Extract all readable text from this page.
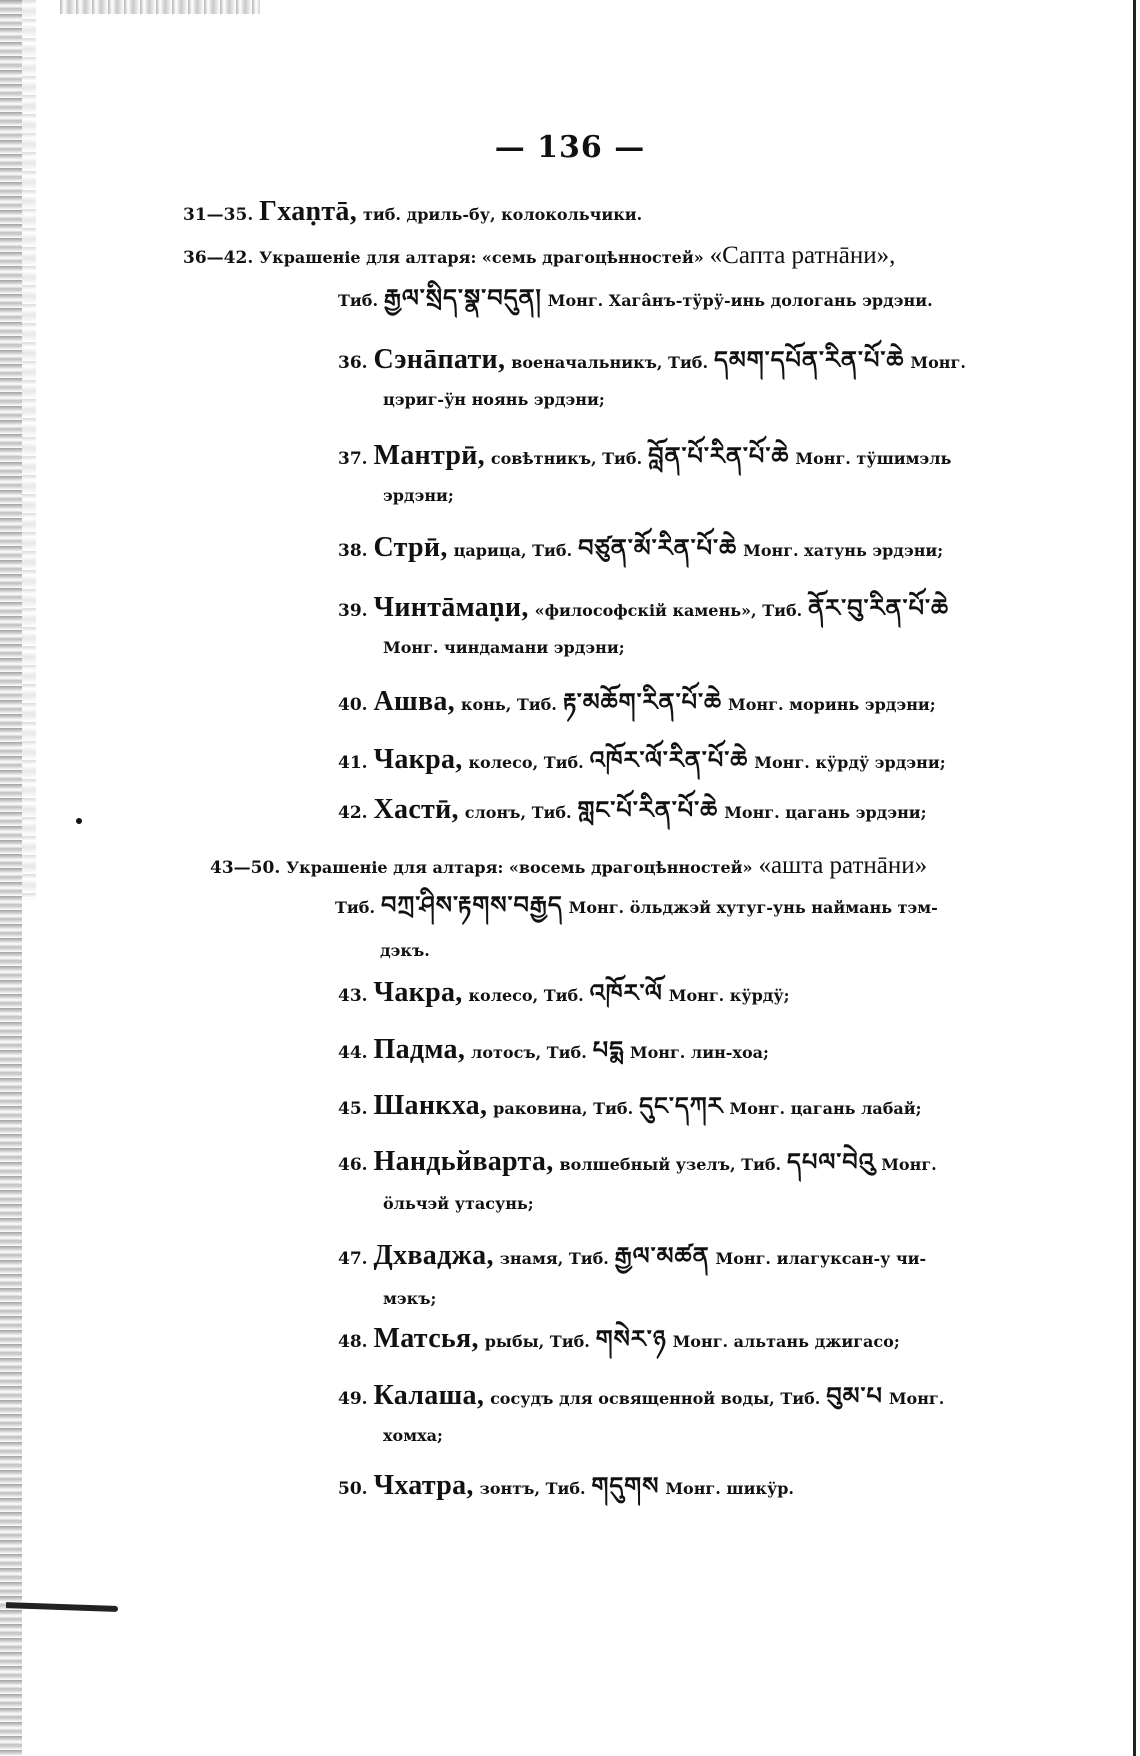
— 136 —
31—35. Гхаṇтā, тиб. дриль-бу, колокольчики.
36—42. Украшеніе для алтаря: «семь драгоцѣнностей» «Сапта ратнāни»,
Тиб. རྒྱལ་སྲིད་སྣ་བདུན། Монг. Хагâнъ-тӱрӱ-инь дологань эрдэни.
36. Сэнāпати, военачальникъ, Тиб. དམག་དཔོན་རིན་པོ་ཆེ Монг.
цэриг-ӱн ноянь эрдэни;
37. Мантрӣ, совѣтникъ, Тиб. བློན་པོ་རིན་པོ་ཆེ Монг. тӱшимэль
эрдэни;
38. Стрӣ, царица, Тиб. བཙུན་མོ་རིན་པོ་ཆེ Монг. хатунь эрдэни;
39. Чинтāмаṇи, «философскій камень», Тиб. ནོར་བུ་རིན་པོ་ཆེ
Монг. чиндамани эрдэни;
40. Ашва, конь, Тиб. རྟ་མཆོག་རིན་པོ་ཆེ Монг. моринь эрдэни;
41. Чакра, колесо, Тиб. འཁོར་ལོ་རིན་པོ་ཆེ Монг. кӱрдӱ эрдэни;
42. Хастӣ, слонъ, Тиб. གླང་པོ་རིན་པོ་ཆེ Монг. цагань эрдэни;
43—50. Украшеніе для алтаря: «восемь драгоцѣнностей» «аштa ратнāни»
Тиб. བཀྲ་ཤིས་རྟགས་བརྒྱད Монг. öльджэй хутуг-унь наймань тэм-
дэкъ.
43. Чакра, колесо, Тиб. འཁོར་ལོ Монг. кӱрдӱ;
44. Падма, лотосъ, Тиб. པདྨ Монг. лин-хоа;
45. Шанкха, раковина, Тиб. དུང་དཀར Монг. цагань лабай;
46. Нандьйварта, волшебный узелъ, Тиб. དཔལ་བེའུ Монг.
öльчэй утасунь;
47. Дхваджа, знамя, Тиб. རྒྱལ་མཚན Монг. илагуксан-у чи-
мэкъ;
48. Матсья, рыбы, Тиб. གསེར་ཉ Монг. альтань джигасо;
49. Калаша, сосудъ для освященной воды, Тиб. བུམ་པ Монг.
хомха;
50. Чхатра, зонтъ, Тиб. གདུགས Монг. шикӱр.
